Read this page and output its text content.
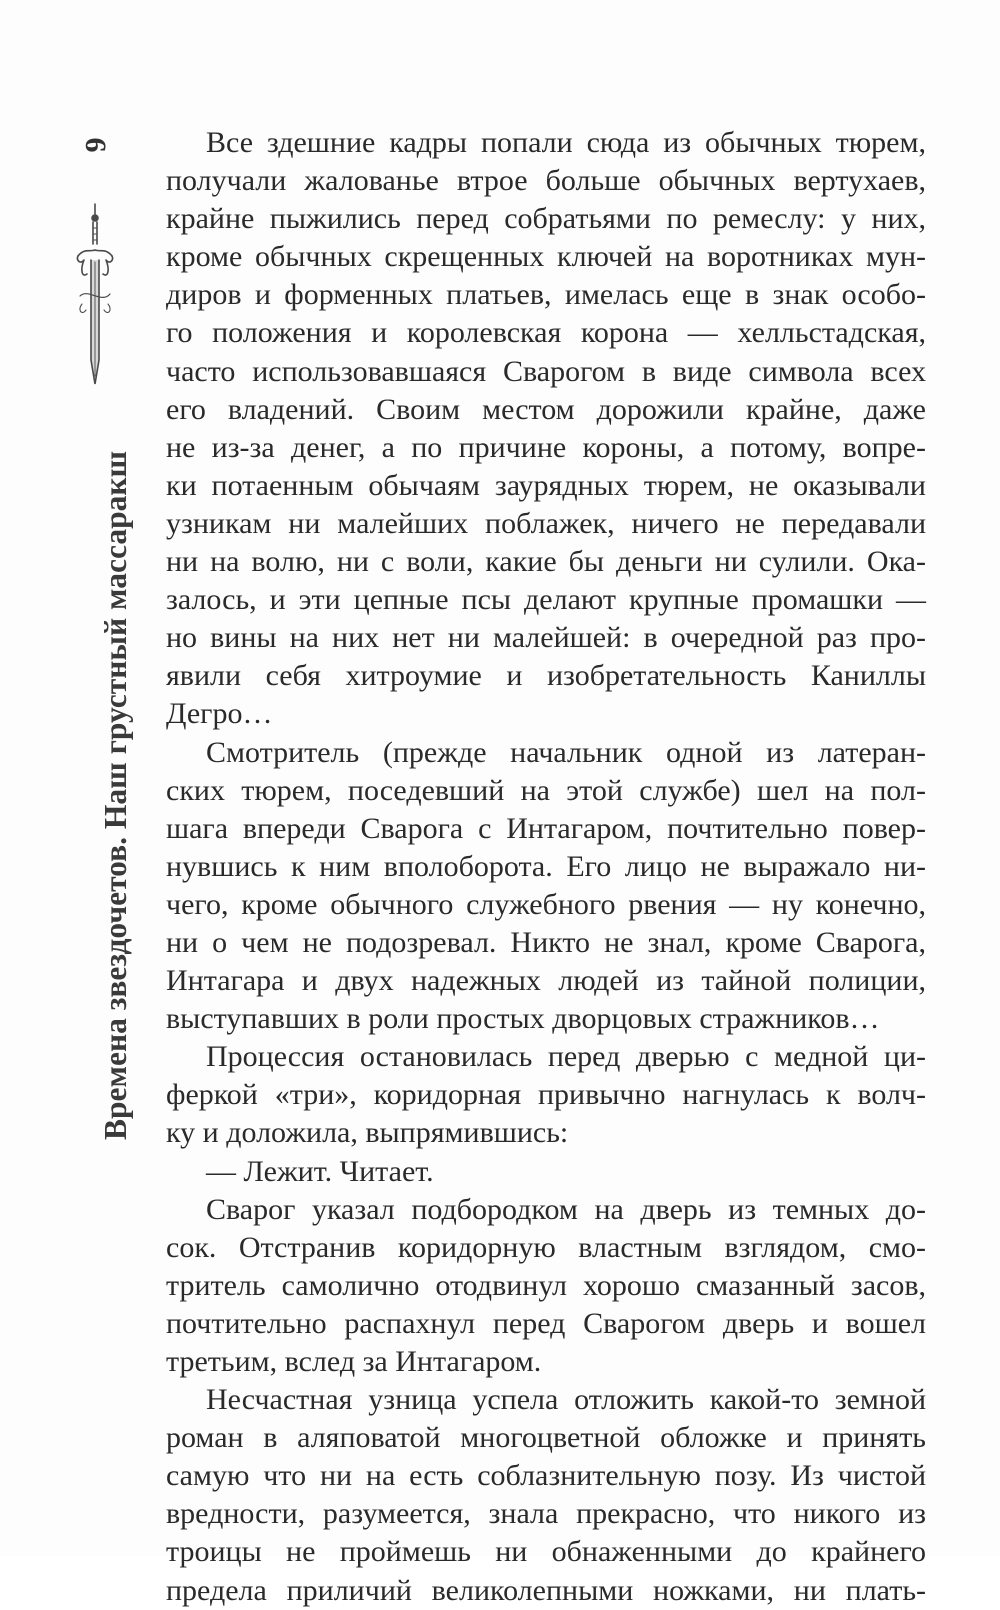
6
Времена звездочетов. Наш грустный массаракш
Все здешние кадры попали сюда из обычных тюрем,
получали жалованье втрое больше обычных вертухаев,
крайне пыжились перед собратьями по ремеслу: у них,
кроме обычных скрещенных ключей на воротниках мун-
диров и форменных платьев, имелась еще в знак особо-
го положения и королевская корона — хелльстадская,
часто использовавшаяся Сварогом в виде символа всех
его владений. Своим местом дорожили крайне, даже
не из-за денег, а по причине короны, а потому, вопре-
ки потаенным обычаям заурядных тюрем, не оказывали
узникам ни малейших поблажек, ничего не передавали
ни на волю, ни с воли, какие бы деньги ни сулили. Ока-
залось, и эти цепные псы делают крупные промашки —
но вины на них нет ни малейшей: в очередной раз про-
явили себя хитроумие и изобретательность Каниллы
Дегро…
Смотритель (прежде начальник одной из латеран-
ских тюрем, поседевший на этой службе) шел на пол-
шага впереди Сварога с Интагаром, почтительно повер-
нувшись к ним вполоборота. Его лицо не выражало ни-
чего, кроме обычного служебного рвения — ну конечно,
ни о чем не подозревал. Никто не знал, кроме Сварога,
Интагара и двух надежных людей из тайной полиции,
выступавших в роли простых дворцовых стражников…
Процессия остановилась перед дверью с медной ци-
феркой «три», коридорная привычно нагнулась к волч-
ку и доложила, выпрямившись:
— Лежит. Читает.
Сварог указал подбородком на дверь из темных до-
сок. Отстранив коридорную властным взглядом, смо-
тритель самолично отодвинул хорошо смазанный засов,
почтительно распахнул перед Сварогом дверь и вошел
третьим, вслед за Интагаром.
Несчастная узница успела отложить какой-то земной
роман в аляповатой многоцветной обложке и принять
самую что ни на есть соблазнительную позу. Из чистой
вредности, разумеется, знала прекрасно, что никого из
троицы не проймешь ни обнаженными до крайнего
предела приличий великолепными ножками, ни плать-
